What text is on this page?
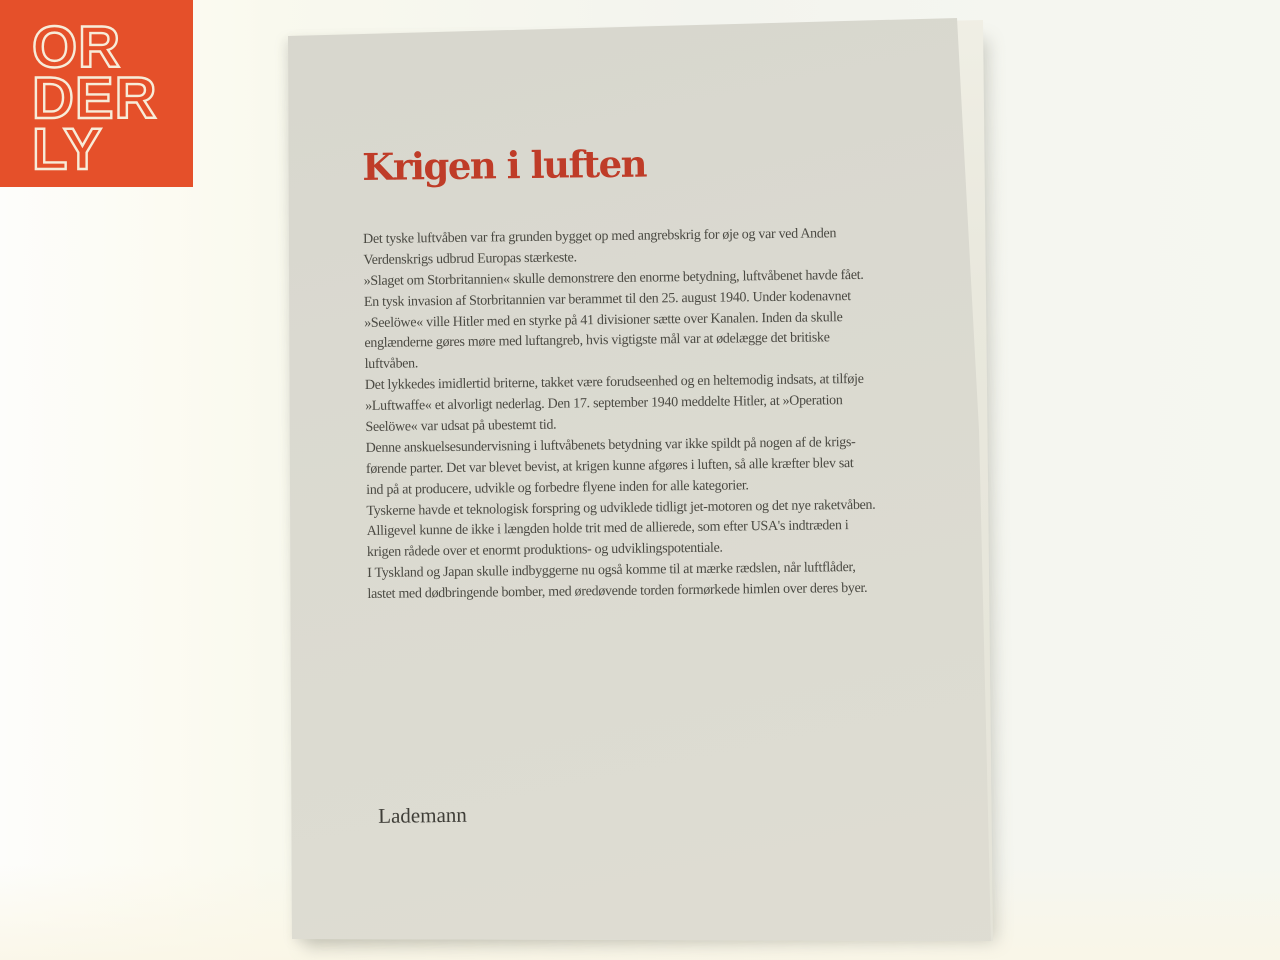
OR
DER
LY	Krigen i luften
Det tyske luftvåben var fra grunden bygget op med angrebskrig for øje og var ved Anden
Verdenskrigs udbrud Europas stærkeste.
»Slaget om Storbritannien« skulle demonstrere den enorme betydning, luftvåbenet havde fået.
En tysk invasion af Storbritannien var berammet til den 25. august 1940. Under kodenavnet
»Seelöwe« ville Hitler med en styrke på 41 divisioner sætte over Kanalen. Inden da skulle
englænderne gøres møre med luftangreb, hvis vigtigste mål var at ødelægge det britiske
luftvåben.
Det lykkedes imidlertid briterne, takket være forudseenhed og en heltemodig indsats, at tilføje
»Luftwaffe« et alvorligt nederlag. Den 17. september 1940 meddelte Hitler, at »Operation
Seelöwe« var udsat på ubestemt tid.
Denne anskuelsesundervisning i luftvåbenets betydning var ikke spildt på nogen af de krigs-
førende parter. Det var blevet bevist, at krigen kunne afgøres i luften, så alle kræfter blev sat
ind på at producere, udvikle og forbedre flyene inden for alle kategorier.
Tyskerne havde et teknologisk forspring og udviklede tidligt jet-motoren og det nye raketvåben.
Alligevel kunne de ikke i længden holde trit med de allierede, som efter USA's indtræden i
krigen rådede over et enormt produktions- og udviklingspotentiale.
I Tyskland og Japan skulle indbyggerne nu også komme til at mærke rædslen, når luftflåder,
lastet med dødbringende bomber, med øredøvende torden formørkede himlen over deres byer.
Lademann
